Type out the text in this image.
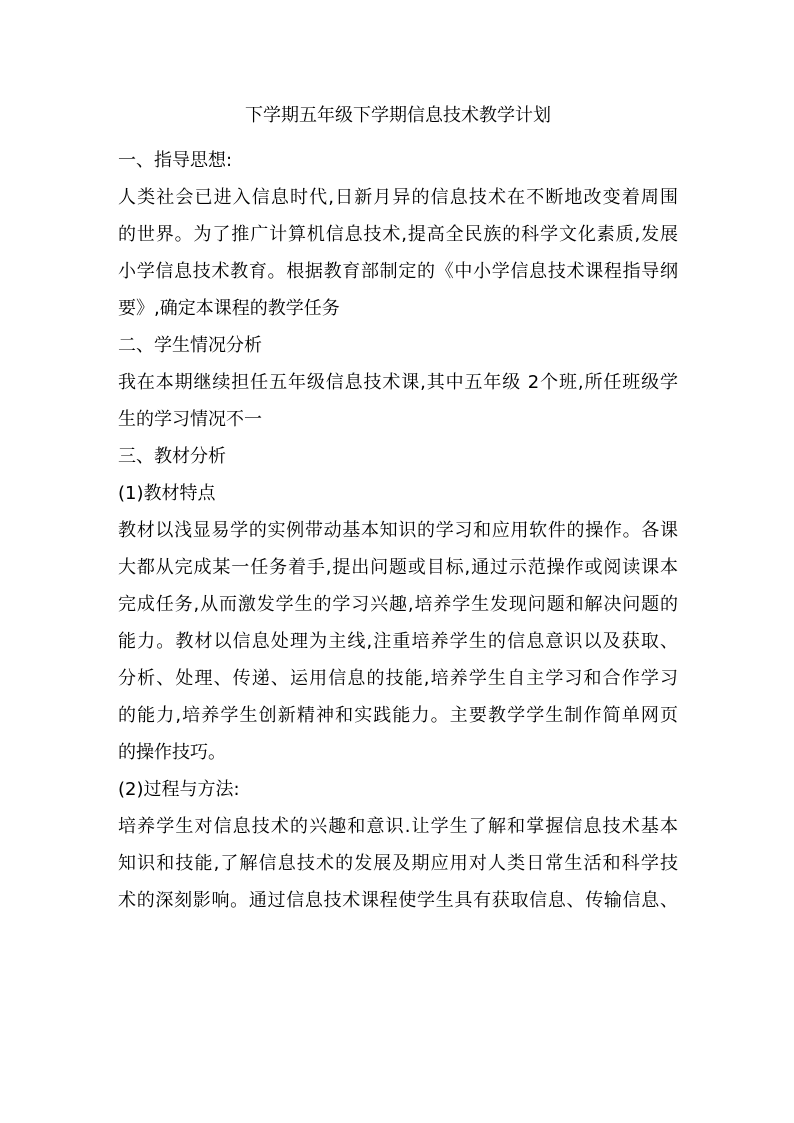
下学期五年级下学期信息技术教学计划
一、指导思想:
人类社会已进入信息时代,日新月异的信息技术在不断地改变着周围
的世界。为了推广计算机信息技术,提高全民族的科学文化素质,发展
小学信息技术教育。根据教育部制定的《中小学信息技术课程指导纲
要》,确定本课程的教学任务
二、学生情况分析
我在本期继续担任五年级信息技术课,其中五年级 2个班,所任班级学
生的学习情况不一
三、教材分析
(1)教材特点
教材以浅显易学的实例带动基本知识的学习和应用软件的操作。各课
大都从完成某一任务着手,提出问题或目标,通过示范操作或阅读课本
完成任务,从而激发学生的学习兴趣,培养学生发现问题和解决问题的
能力。教材以信息处理为主线,注重培养学生的信息意识以及获取、
分析、处理、传递、运用信息的技能,培养学生自主学习和合作学习
的能力,培养学生创新精神和实践能力。主要教学学生制作简单网页
的操作技巧。
(2)过程与方法:
培养学生对信息技术的兴趣和意识.让学生了解和掌握信息技术基本
知识和技能,了解信息技术的发展及期应用对人类日常生活和科学技
术的深刻影响。通过信息技术课程使学生具有获取信息、传输信息、
